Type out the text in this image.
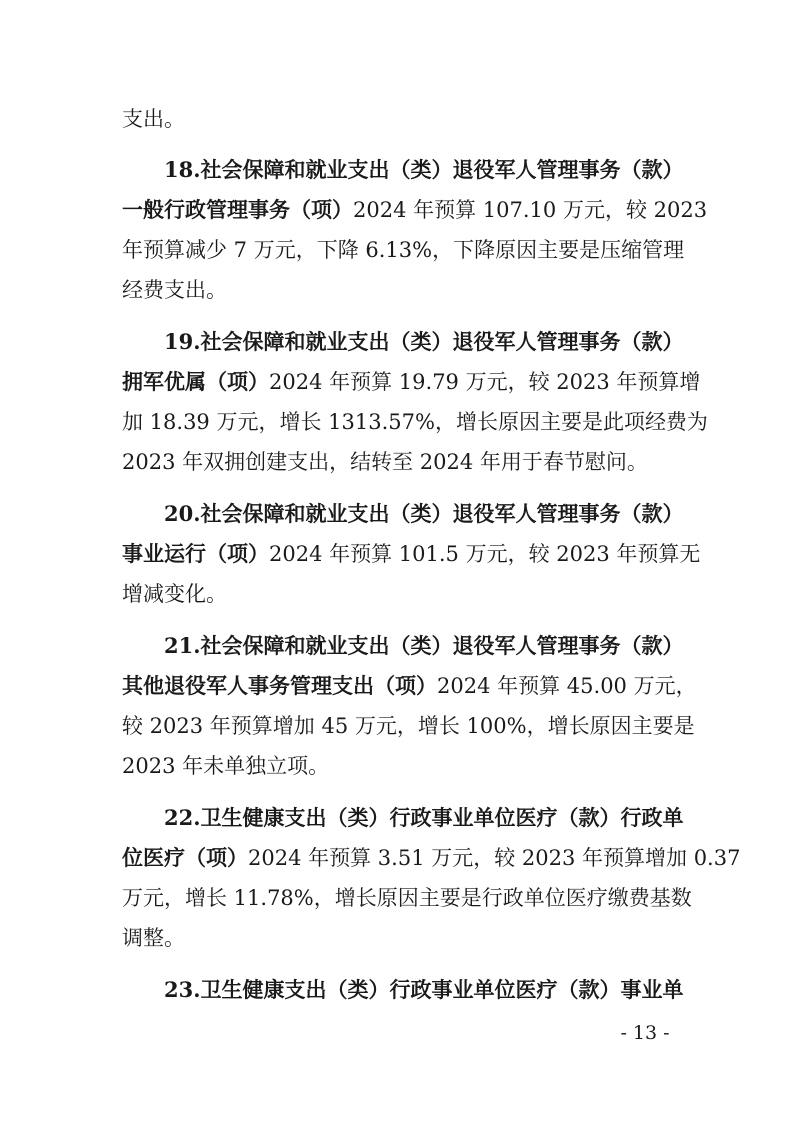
支出。
18.社会保障和就业支出（类）退役军人管理事务（款）
一般行政管理事务（项）2024 年预算 107.10 万元，较 2023
年预算减少 7 万元，下降 6.13%，下降原因主要是压缩管理
经费支出。
19.社会保障和就业支出（类）退役军人管理事务（款）
拥军优属（项）2024 年预算 19.79 万元，较 2023 年预算增
加 18.39 万元，增长 1313.57%，增长原因主要是此项经费为
2023 年双拥创建支出，结转至 2024 年用于春节慰问。
20.社会保障和就业支出（类）退役军人管理事务（款）
事业运行（项）2024 年预算 101.5 万元，较 2023 年预算无
增减变化。
21.社会保障和就业支出（类）退役军人管理事务（款）
其他退役军人事务管理支出（项）2024 年预算 45.00 万元，
较 2023 年预算增加 45 万元，增长 100%，增长原因主要是
2023 年未单独立项。
22.卫生健康支出（类）行政事业单位医疗（款）行政单
位医疗（项）2024 年预算 3.51 万元，较 2023 年预算增加 0.37
万元，增长 11.78%，增长原因主要是行政单位医疗缴费基数
调整。
23.卫生健康支出（类）行政事业单位医疗（款）事业单
- 13 -
